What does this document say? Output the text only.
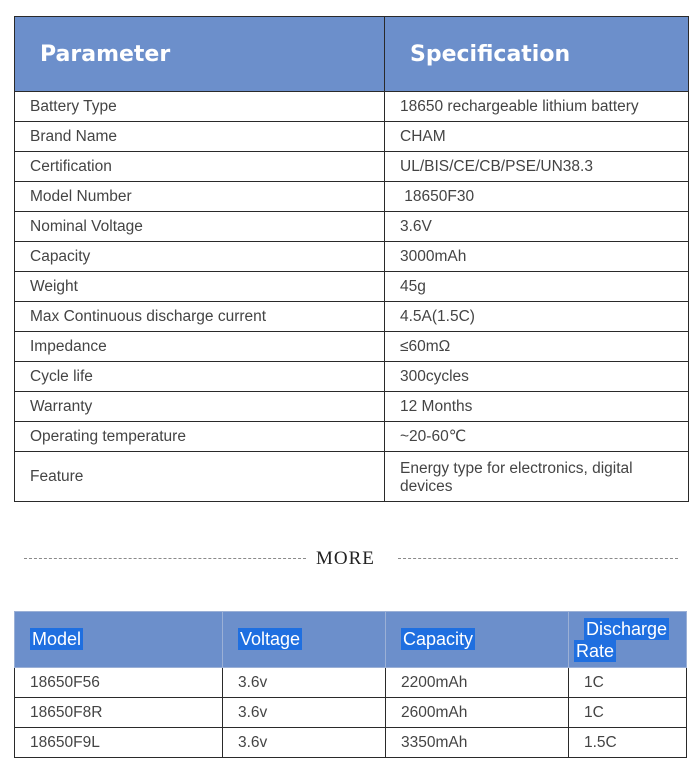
Parameter	Specification
Battery Type	18650 rechargeable lithium battery
Brand Name	CHAM
Certification	UL/BIS/CE/CB/PSE/UN38.3
Model Number	18650F30
Nominal Voltage	3.6V
Capacity	3000mAh
Weight	45g
Max Continuous discharge current	4.5A(1.5C)
Impedance	≤60mΩ
Cycle life	300cycles
Warranty	12 Months
Operating temperature	~20-60℃
Feature	Energy type for electronics, digital devices
MORE
Model	Voltage	Capacity	Discharge
Rate
18650F56	3.6v	2200mAh	1C
18650F8R	3.6v	2600mAh	1C
18650F9L	3.6v	3350mAh	1.5C
